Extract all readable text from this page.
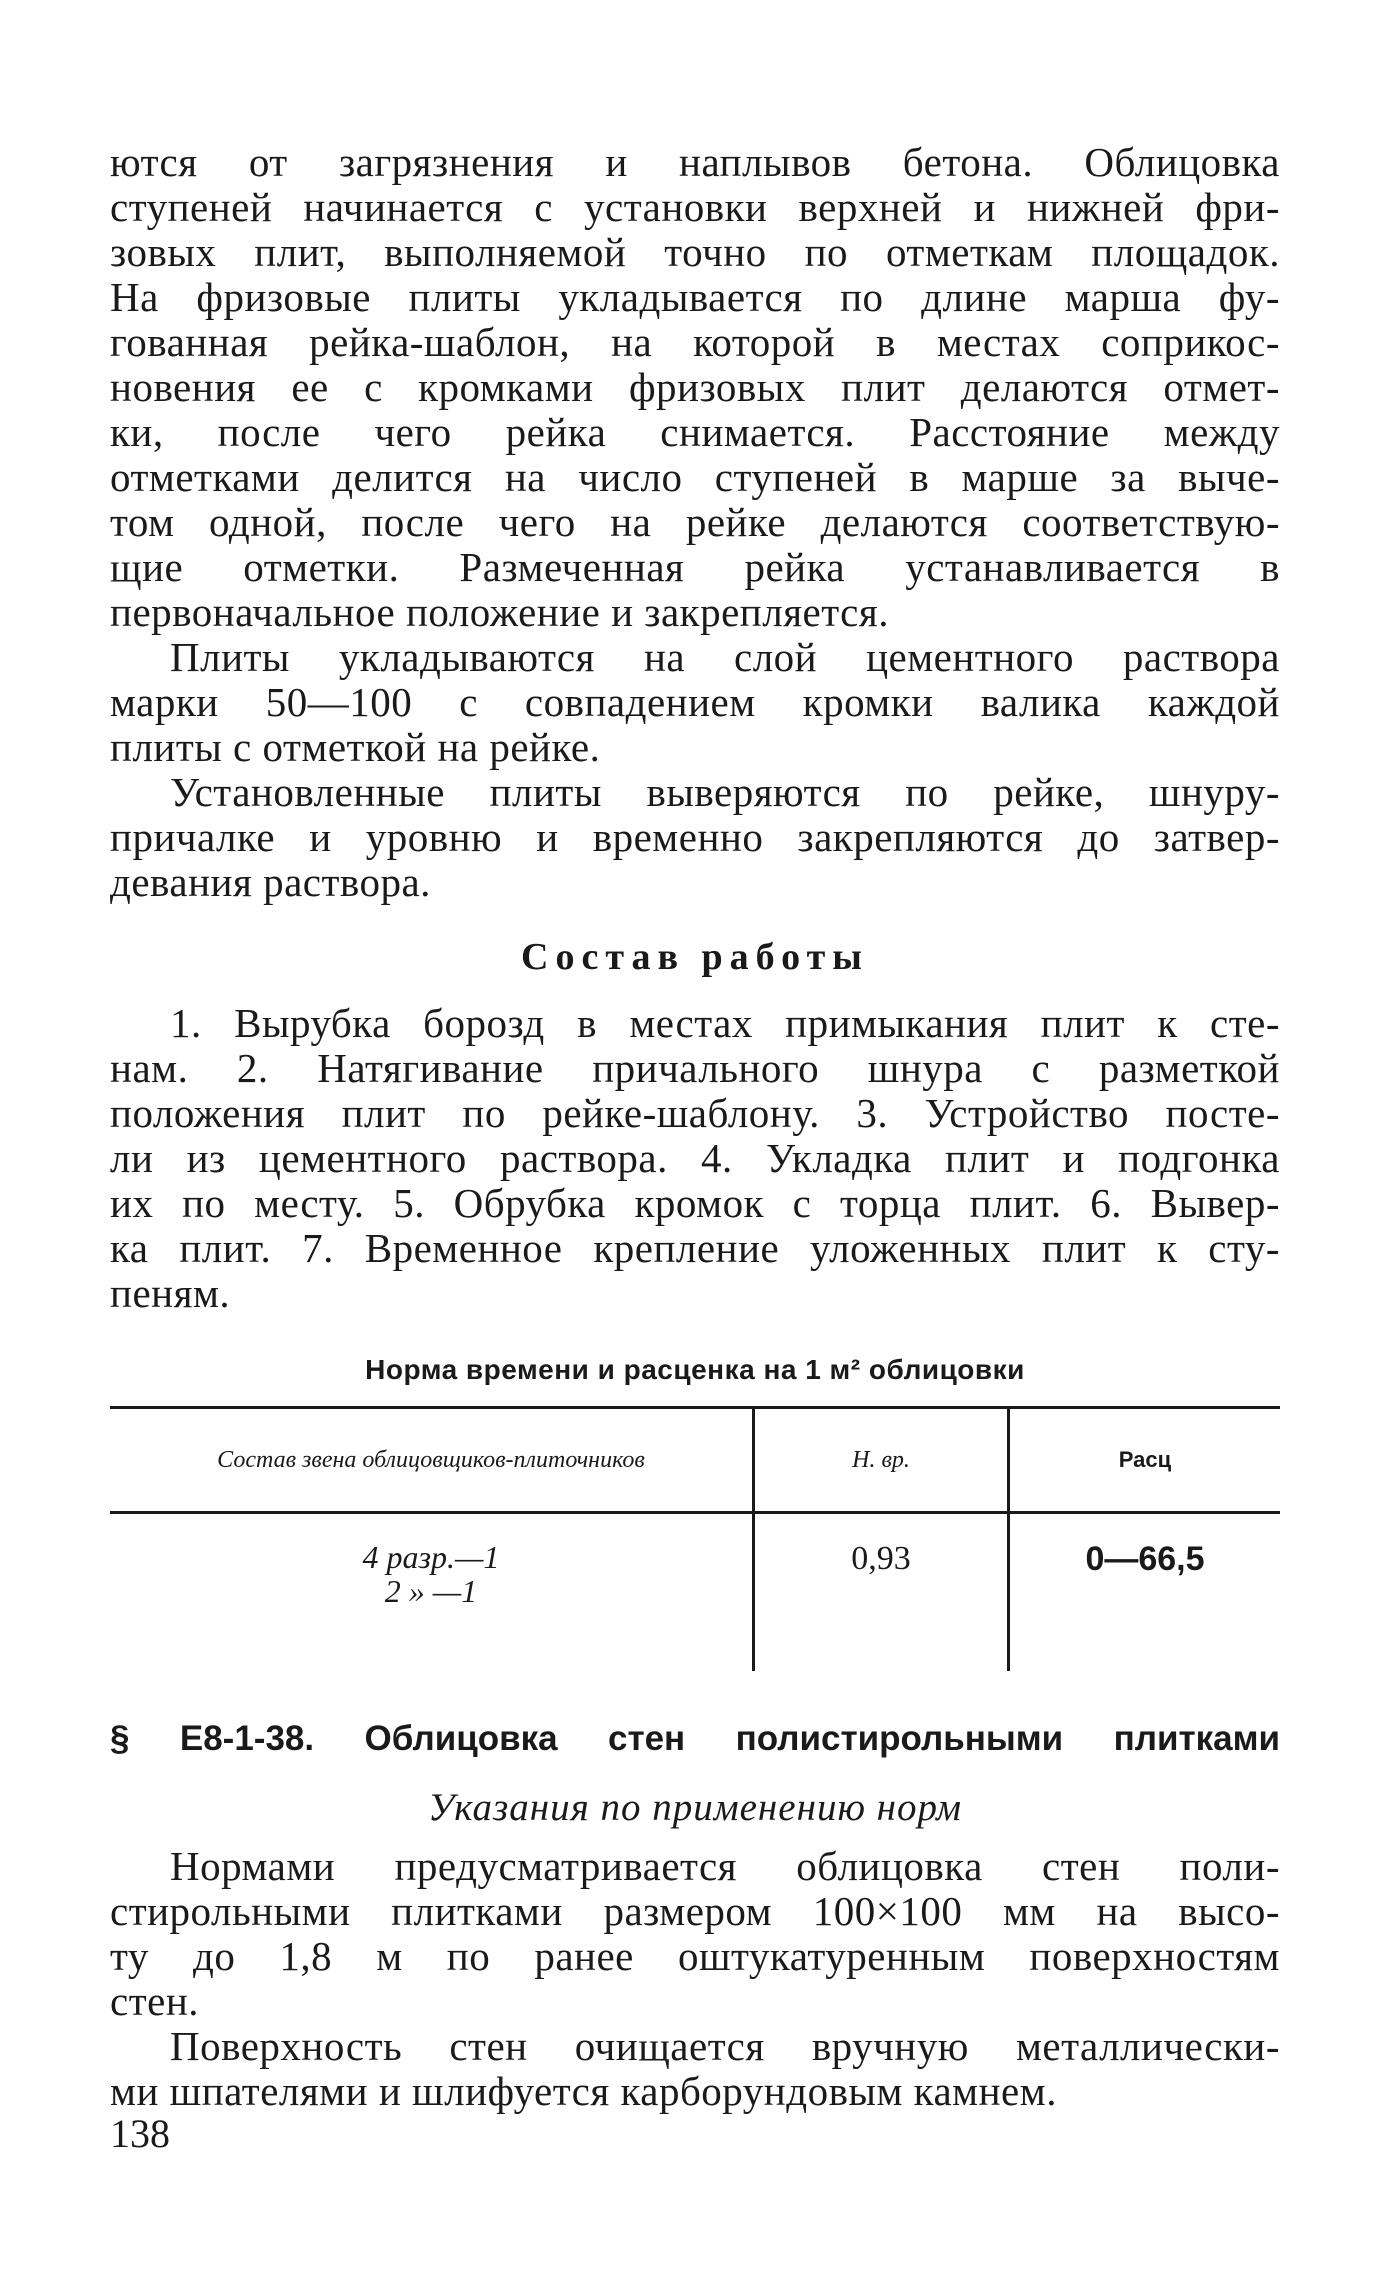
ются от загрязнения и наплывов бетона. Облицовка
ступеней начинается с установки верхней и нижней фри-
зовых плит, выполняемой точно по отметкам площадок.
На фризовые плиты укладывается по длине марша фу-
гованная рейка-шаблон, на которой в местах соприкос-
новения ее с кромками фризовых плит делаются отмет-
ки, после чего рейка снимается. Расстояние между
отметками делится на число ступеней в марше за выче-
том одной, после чего на рейке делаются соответствую-
щие отметки. Размеченная рейка устанавливается в
первоначальное положение и закрепляется.
Плиты укладываются на слой цементного раствора
марки 50—100 с совпадением кромки валика каждой
плиты с отметкой на рейке.
Установленные плиты выверяются по рейке, шнуру-
причалке и уровню и временно закрепляются до затвер-
девания раствора.
Состав работы
1. Вырубка борозд в местах примыкания плит к сте-
нам. 2. Натягивание причального шнура с разметкой
положения плит по рейке-шаблону. 3. Устройство посте-
ли из цементного раствора. 4. Укладка плит и подгонка
их по месту. 5. Обрубка кромок с торца плит. 6. Вывер-
ка плит. 7. Временное крепление уложенных плит к сту-
пеням.
Норма времени и расценка на 1 м² облицовки
Состав звена облицовщиков-плиточников	Н. вр.	Расц

4 разр.—1
2 » —1	0,93	0—66,5
§ Е8-1-38. Облицовка стен полистирольными плитками
Указания по применению норм
Нормами предусматривается облицовка стен поли-
стирольными плитками размером 100×100 мм на высо-
ту до 1,8 м по ранее оштукатуренным поверхностям
стен.
Поверхность стен очищается вручную металлически-
ми шпателями и шлифуется карборундовым камнем.
138
